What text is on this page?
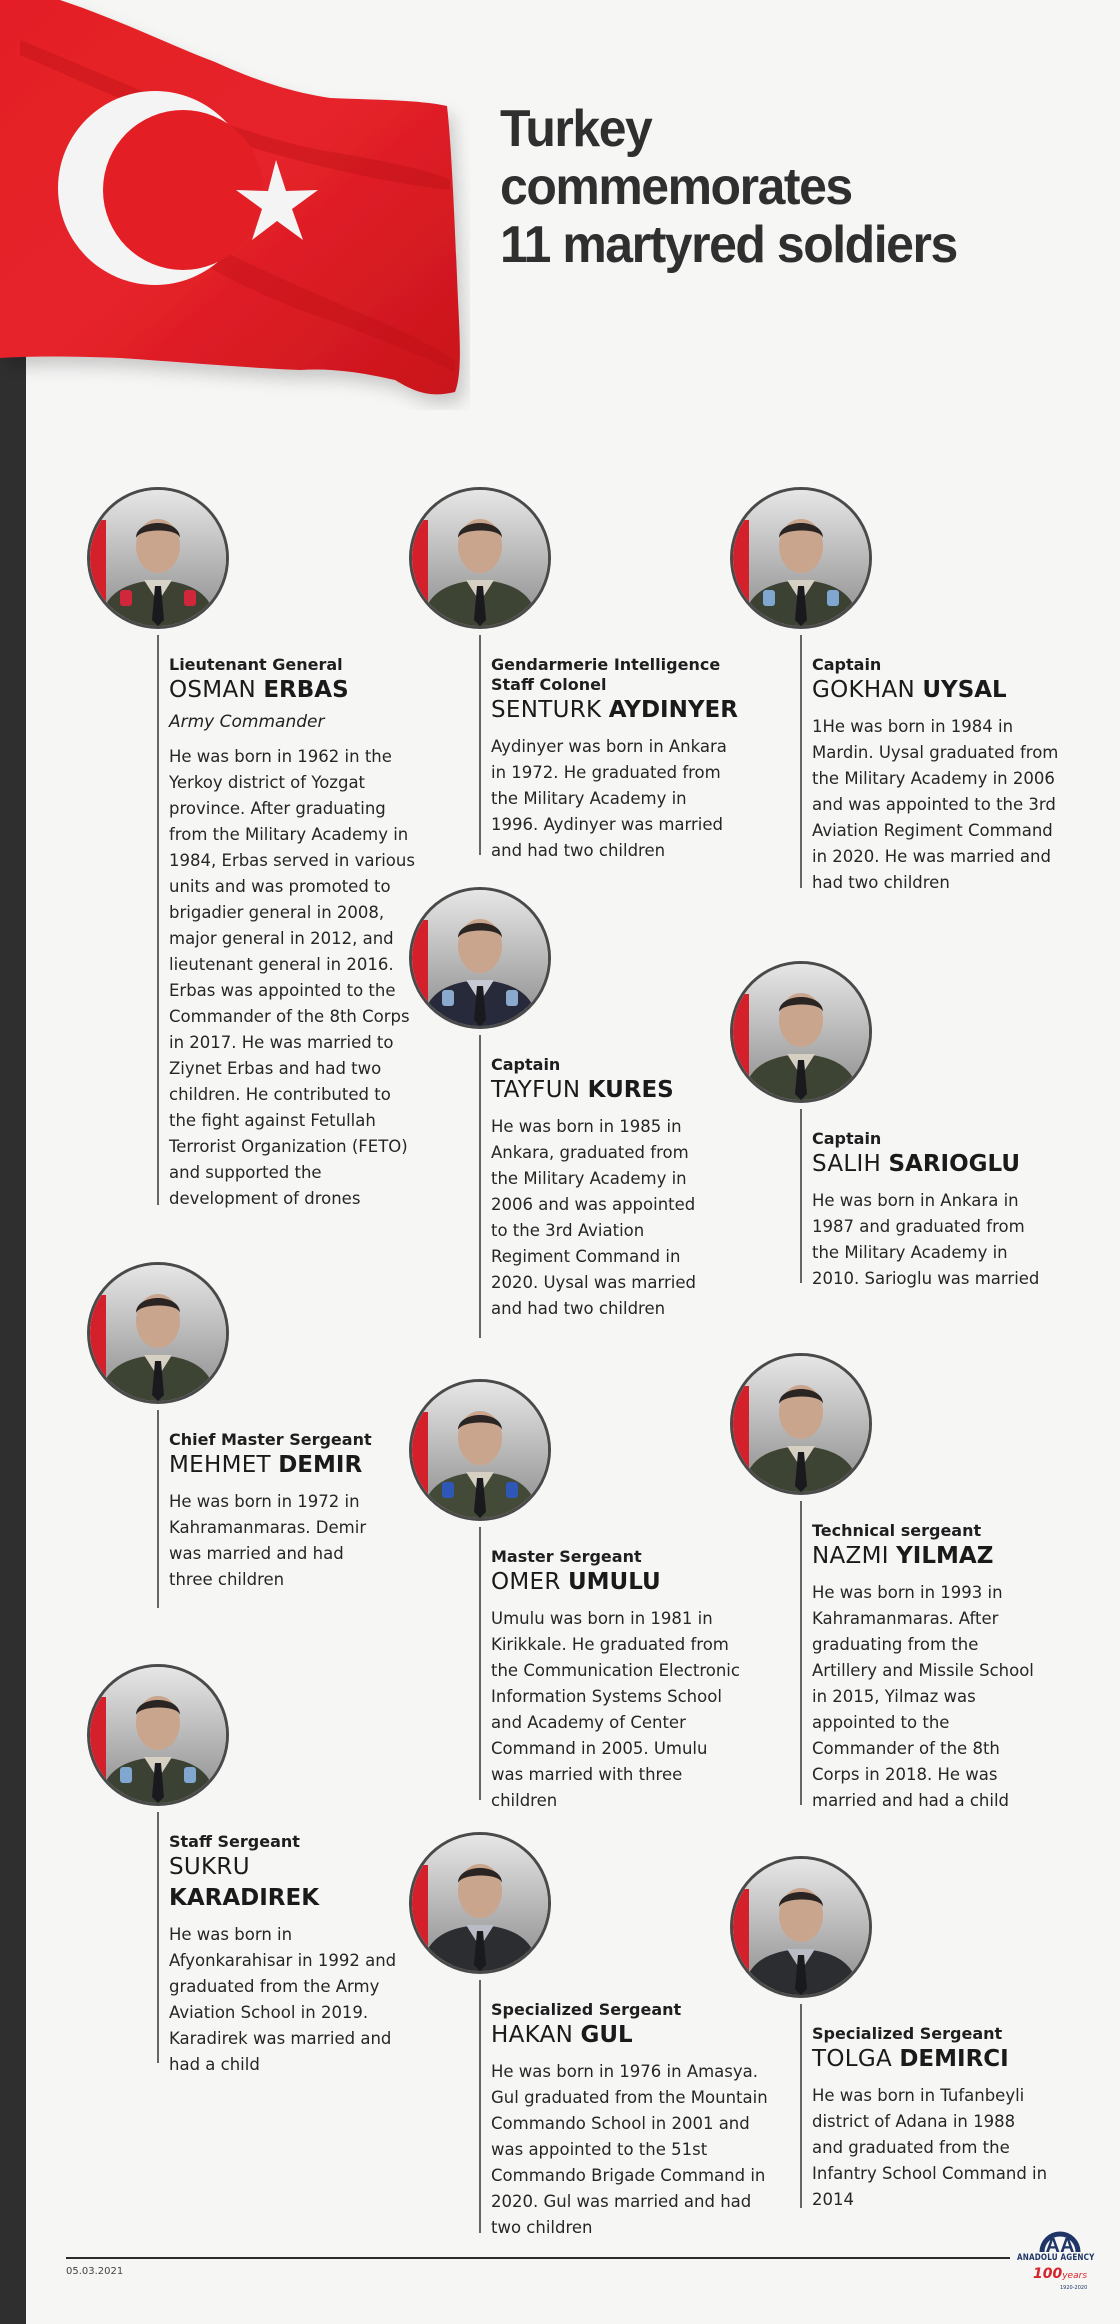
Turkey
commemorates
11 martyred soldiers
Lieutenant General
OSMAN ERBAS
Army Commander
He was born in 1962 in the
Yerkoy district of Yozgat
province. After graduating
from the Military Academy in
1984, Erbas served in various
units and was promoted to
brigadier general in 2008,
major general in 2012, and
lieutenant general in 2016.
Erbas was appointed to the
Commander of the 8th Corps
in 2017. He was married to
Ziynet Erbas and had two
children. He contributed to
the fight against Fetullah
Terrorist Organization (FETO)
and supported the
development of drones
Gendarmerie Intelligence
Staff Colonel
SENTURK AYDINYER
Aydinyer was born in Ankara
in 1972. He graduated from
the Military Academy in
1996. Aydinyer was married
and had two children
Captain
GOKHAN UYSAL
1He was born in 1984 in
Mardin. Uysal graduated from
the Military Academy in 2006
and was appointed to the 3rd
Aviation Regiment Command
in 2020. He was married and
had two children
Captain
TAYFUN KURES
He was born in 1985 in
Ankara, graduated from
the Military Academy in
2006 and was appointed
to the 3rd Aviation
Regiment Command in
2020. Uysal was married
and had two children
Captain
SALIH SARIOGLU
He was born in Ankara in
1987 and graduated from
the Military Academy in
2010. Sarioglu was married
Chief Master Sergeant
MEHMET DEMIR
He was born in 1972 in
Kahramanmaras. Demir
was married and had
three children
Master Sergeant
OMER UMULU
Umulu was born in 1981 in
Kirikkale. He graduated from
the Communication Electronic
Information Systems School
and Academy of Center
Command in 2005. Umulu
was married with three
children
Technical sergeant
NAZMI YILMAZ
He was born in 1993 in
Kahramanmaras. After
graduating from the
Artillery and Missile School
in 2015, Yilmaz was
appointed to the
Commander of the 8th
Corps in 2018. He was
married and had a child
Staff Sergeant
SUKRU
KARADIREK
He was born in
Afyonkarahisar in 1992 and
graduated from the Army
Aviation School in 2019.
Karadirek was married and
had a child
Specialized Sergeant
HAKAN GUL
He was born in 1976 in Amasya.
Gul graduated from the Mountain
Commando School in 2001 and
was appointed to the 51st
Commando Brigade Command in
2020. Gul was married and had
two children
Specialized Sergeant
TOLGA DEMIRCI
He was born in Tufanbeyli
district of Adana in 1988
and graduated from the
Infantry School Command in
2014
05.03.2021
AA
ANADOLU AGENCY
100years
1920-2020
